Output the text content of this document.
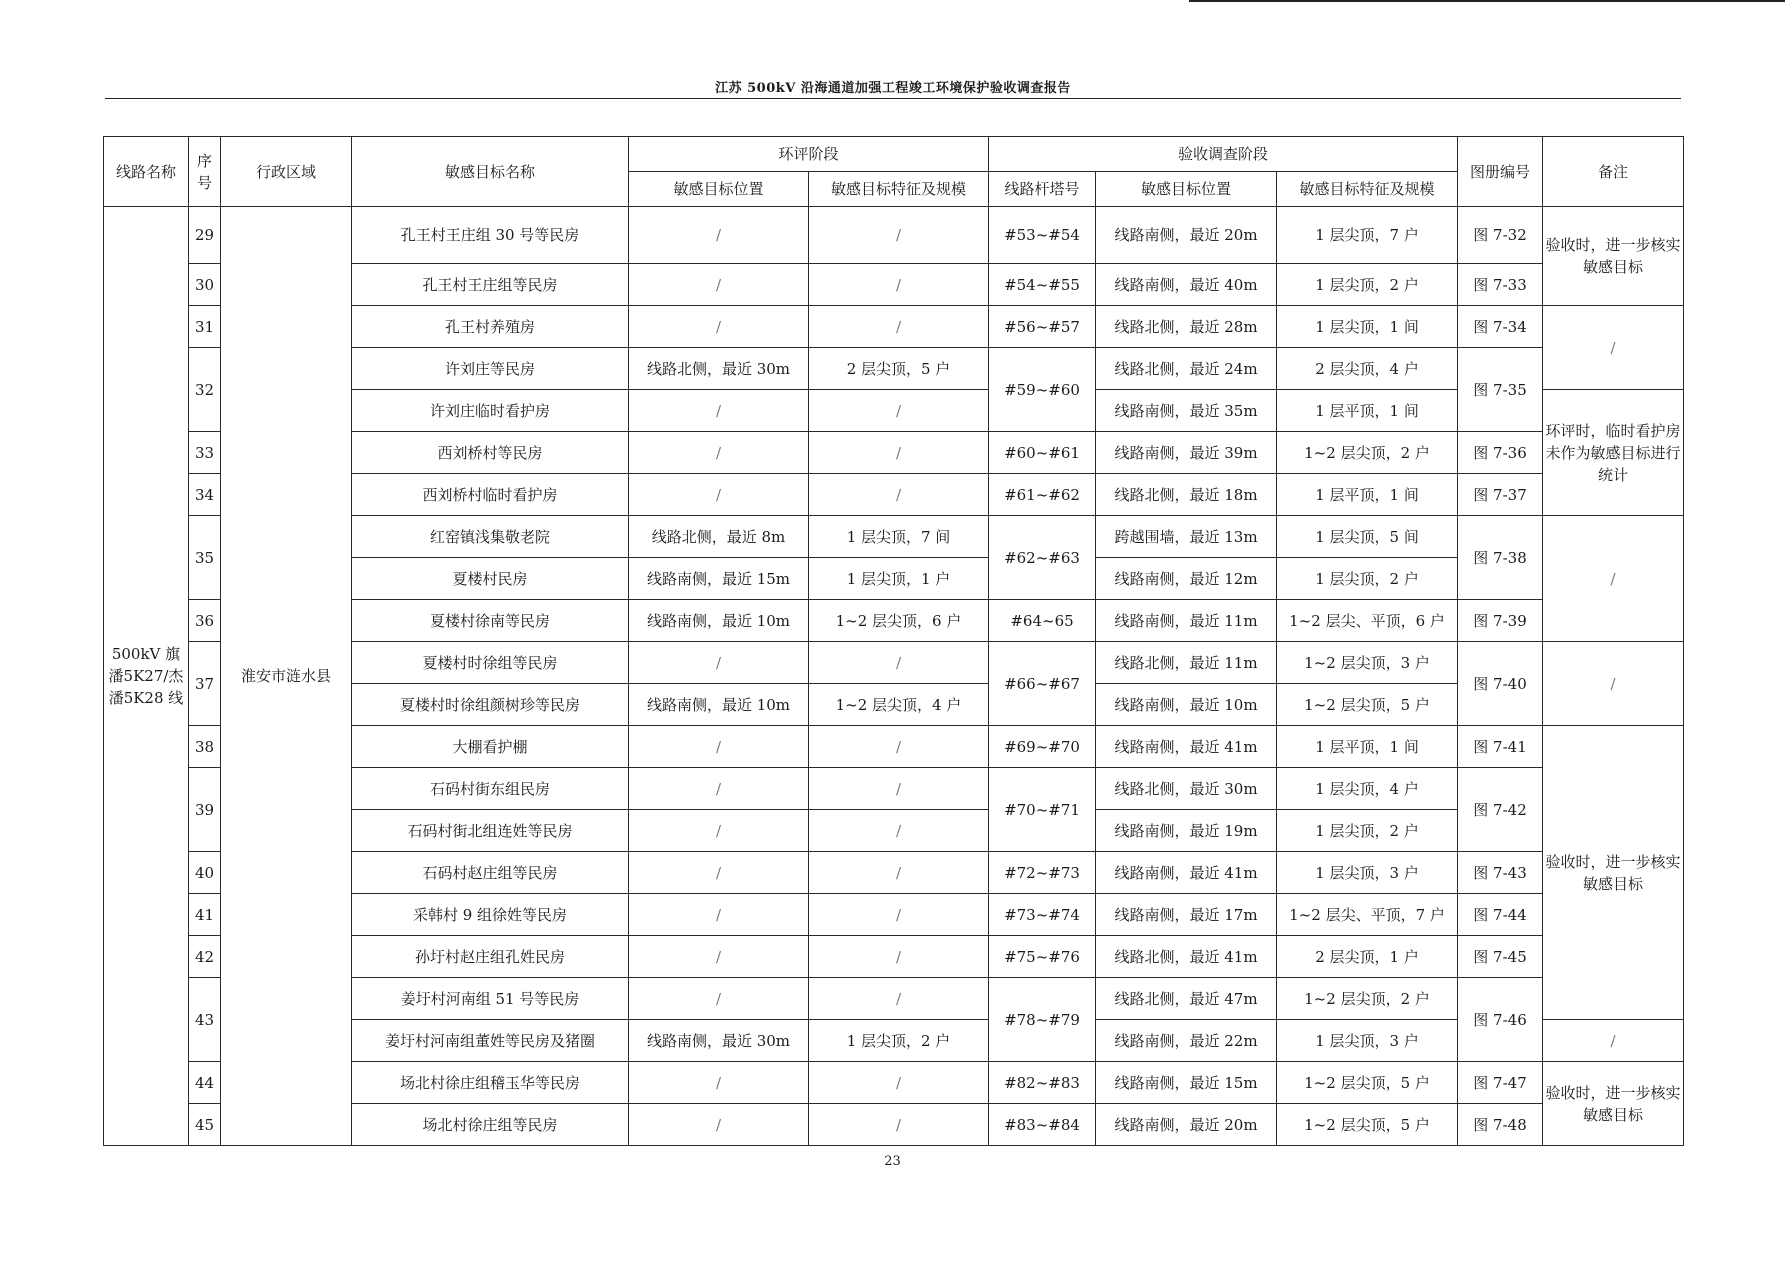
江苏 500kV 沿海通道加强工程竣工环境保护验收调查报告
线路名称	序号	行政区域	敏感目标名称	环评阶段		验收调查阶段			图册编号	备注
				敏感目标位置	敏感目标特征及规模	线路杆塔号	敏感目标位置	敏感目标特征及规模		
500kV 旗潘5K27/杰潘5K28 线	29	淮安市涟水县	孔王村王庄组 30 号等民房	/	/	#53~#54	线路南侧，最近 20m	1 层尖顶，7 户	图 7-32	验收时，进一步核实敏感目标
	30		孔王村王庄组等民房	/	/	#54~#55	线路南侧，最近 40m	1 层尖顶，2 户	图 7-33	
	31		孔王村养殖房	/	/	#56~#57	线路北侧，最近 28m	1 层尖顶，1 间	图 7-34	/
	32		许刘庄等民房	线路北侧，最近 30m	2 层尖顶，5 户	#59~#60	线路北侧，最近 24m	2 层尖顶，4 户	图 7-35	
			许刘庄临时看护房	/	/		线路南侧，最近 35m	1 层平顶，1 间		环评时，临时看护房未作为敏感目标进行统计
	33		西刘桥村等民房	/	/	#60~#61	线路南侧，最近 39m	1~2 层尖顶，2 户	图 7-36	
	34		西刘桥村临时看护房	/	/	#61~#62	线路北侧，最近 18m	1 层平顶，1 间	图 7-37	
	35		红窑镇浅集敬老院	线路北侧，最近 8m	1 层尖顶，7 间	#62~#63	跨越围墙，最近 13m	1 层尖顶，5 间	图 7-38	/
			夏楼村民房	线路南侧，最近 15m	1 层尖顶，1 户		线路南侧，最近 12m	1 层尖顶，2 户		
	36		夏楼村徐南等民房	线路南侧，最近 10m	1~2 层尖顶，6 户	#64~65	线路南侧，最近 11m	1~2 层尖、平顶，6 户	图 7-39	
	37		夏楼村时徐组等民房	/	/	#66~#67	线路北侧，最近 11m	1~2 层尖顶，3 户	图 7-40	/
			夏楼村时徐组颜树珍等民房	线路南侧，最近 10m	1~2 层尖顶，4 户		线路南侧，最近 10m	1~2 层尖顶，5 户		
	38		大棚看护棚	/	/	#69~#70	线路南侧，最近 41m	1 层平顶，1 间	图 7-41	验收时，进一步核实敏感目标
	39		石码村街东组民房	/	/	#70~#71	线路北侧，最近 30m	1 层尖顶，4 户	图 7-42	
			石码村街北组连姓等民房	/	/		线路南侧，最近 19m	1 层尖顶，2 户		
	40		石码村赵庄组等民房	/	/	#72~#73	线路南侧，最近 41m	1 层尖顶，3 户	图 7-43	
	41		采韩村 9 组徐姓等民房	/	/	#73~#74	线路南侧，最近 17m	1~2 层尖、平顶，7 户	图 7-44	
	42		孙圩村赵庄组孔姓民房	/	/	#75~#76	线路北侧，最近 41m	2 层尖顶，1 户	图 7-45	
	43		姜圩村河南组 51 号等民房	/	/	#78~#79	线路北侧，最近 47m	1~2 层尖顶，2 户	图 7-46	
			姜圩村河南组董姓等民房及猪圈	线路南侧，最近 30m	1 层尖顶，2 户		线路南侧，最近 22m	1 层尖顶，3 户		/
	44		场北村徐庄组稽玉华等民房	/	/	#82~#83	线路南侧，最近 15m	1~2 层尖顶，5 户	图 7-47	验收时，进一步核实敏感目标
	45		场北村徐庄组等民房	/	/	#83~#84	线路南侧，最近 20m	1~2 层尖顶，5 户	图 7-48	
23
